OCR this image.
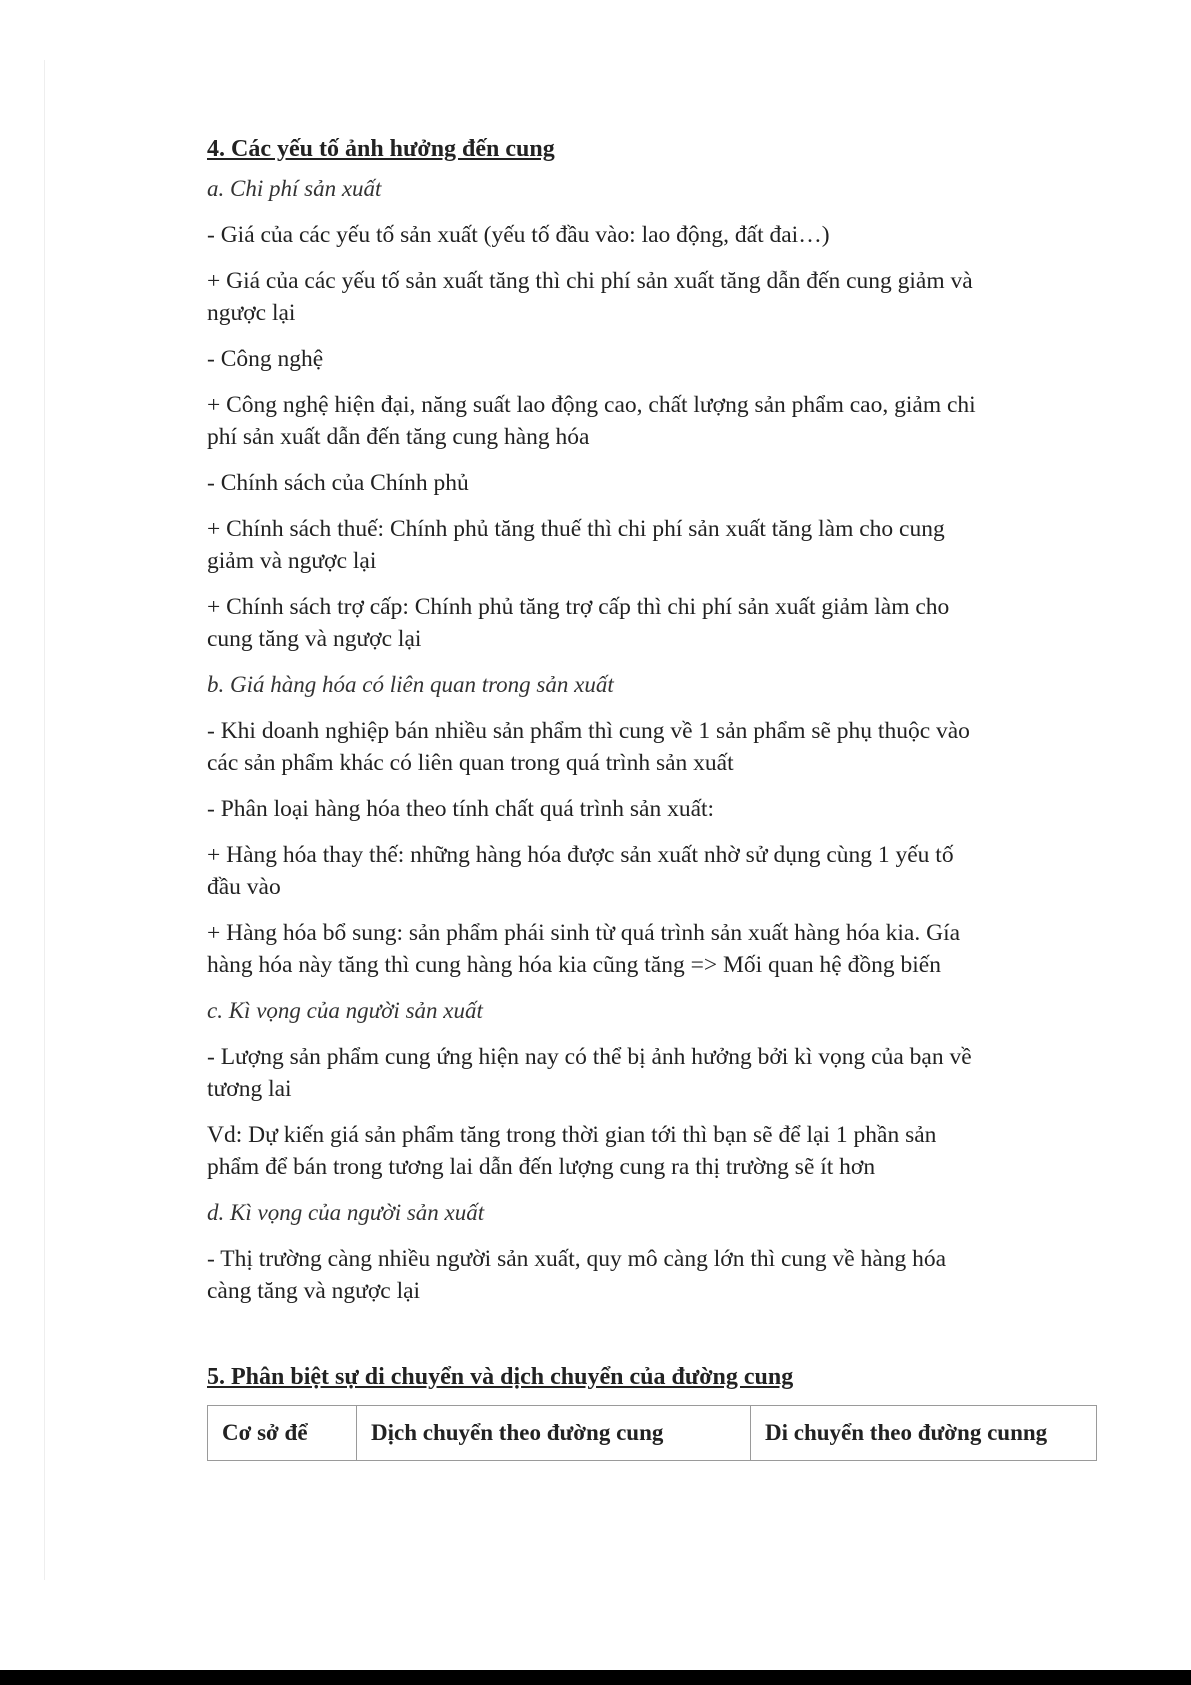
4. Các yếu tố ảnh hưởng đến cung
a. Chi phí sản xuất
- Giá của các yếu tố sản xuất (yếu tố đầu vào: lao động, đất đai…)
+ Giá của các yếu tố sản xuất tăng thì chi phí sản xuất tăng dẫn đến cung giảm và
ngược lại
- Công nghệ
+ Công nghệ hiện đại, năng suất lao động cao, chất lượng sản phẩm cao, giảm chi
phí sản xuất dẫn đến tăng cung hàng hóa
- Chính sách của Chính phủ
+ Chính sách thuế: Chính phủ tăng thuế thì chi phí sản xuất tăng làm cho cung
giảm và ngược lại
+ Chính sách trợ cấp: Chính phủ tăng trợ cấp thì chi phí sản xuất giảm làm cho
cung tăng và ngược lại
b. Giá hàng hóa có liên quan trong sản xuất
- Khi doanh nghiệp bán nhiều sản phẩm thì cung về 1 sản phẩm sẽ phụ thuộc vào
các sản phẩm khác có liên quan trong quá trình sản xuất
- Phân loại hàng hóa theo tính chất quá trình sản xuất:
+ Hàng hóa thay thế: những hàng hóa được sản xuất nhờ sử dụng cùng 1 yếu tố
đầu vào
+ Hàng hóa bổ sung: sản phẩm phái sinh từ quá trình sản xuất hàng hóa kia. Gía
hàng hóa này tăng thì cung hàng hóa kia cũng tăng => Mối quan hệ đồng biến
c. Kì vọng của người sản xuất
- Lượng sản phẩm cung ứng hiện nay có thể bị ảnh hưởng bởi kì vọng của bạn về
tương lai
Vd: Dự kiến giá sản phẩm tăng trong thời gian tới thì bạn sẽ để lại 1 phần sản
phẩm để bán trong tương lai dẫn đến lượng cung ra thị trường sẽ ít hơn
d. Kì vọng của người sản xuất
- Thị trường càng nhiều người sản xuất, quy mô càng lớn thì cung về hàng hóa
càng tăng và ngược lại
5. Phân biệt sự di chuyển và dịch chuyển của đường cung
Cơ sở để	Dịch chuyển theo đường cung	Di chuyển theo đường cunng
